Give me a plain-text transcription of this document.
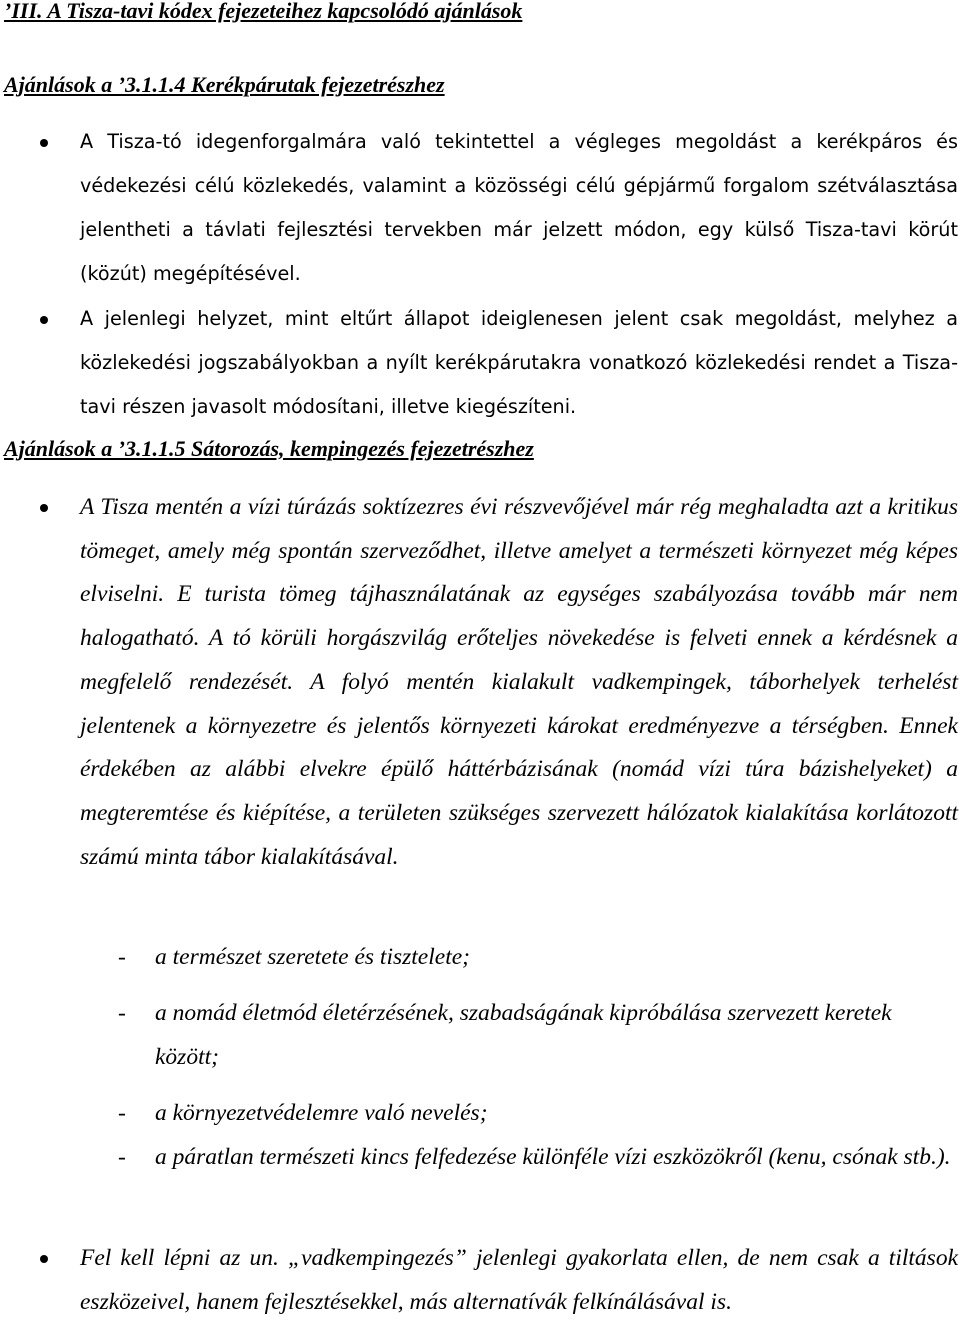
’III. A Tisza-tavi kódex fejezeteihez kapcsolódó ajánlások
Ajánlások a ’3.1.1.4 Kerékpárutak fejezetrészhez
A Tisza-tó idegenforgalmára való tekintettel a végleges megoldást a kerékpáros és védekezési célú közlekedés, valamint a közösségi célú gépjármű forgalom szétválasztása jelentheti a távlati fejlesztési tervekben már jelzett módon, egy külső Tisza-tavi körút (közút) megépítésével.
A jelenlegi helyzet, mint eltűrt állapot ideiglenesen jelent csak megoldást, melyhez a közlekedési jogszabályokban a nyílt kerékpárutakra vonatkozó közlekedési rendet a Tisza-tavi részen javasolt módosítani, illetve kiegészíteni.
Ajánlások a ’3.1.1.5 Sátorozás, kempingezés fejezetrészhez
A Tisza mentén a vízi túrázás soktízezres évi részvevőjével már rég meghaladta azt a kritikus tömeget, amely még spontán szerveződhet, illetve amelyet a természeti környezet még képes elviselni. E turista tömeg tájhasználatának az egységes szabályozása tovább már nem halogatható. A tó körüli horgászvilág erőteljes növekedése is felveti ennek a kérdésnek a megfelelő rendezését. A folyó mentén kialakult vadkempingek, táborhelyek terhelést jelentenek a környezetre és jelentős környezeti károkat eredményezve a térségben. Ennek érdekében az alábbi elvekre épülő háttérbázisának (nomád vízi túra bázishelyeket) a megteremtése és kiépítése, a területen szükséges szervezett hálózatok kialakítása korlátozott számú minta tábor kialakításával.
- a természet szeretete és tisztelete;
- a nomád életmód életérzésének, szabadságának kipróbálása szervezett keretek között;
- a környezetvédelemre való nevelés;
- a páratlan természeti kincs felfedezése különféle vízi eszközökről (kenu, csónak stb.).
Fel kell lépni az un. „vadkempingezés” jelenlegi gyakorlata ellen, de nem csak a tiltások eszközeivel, hanem fejlesztésekkel, más alternatívák felkínálásával is.
